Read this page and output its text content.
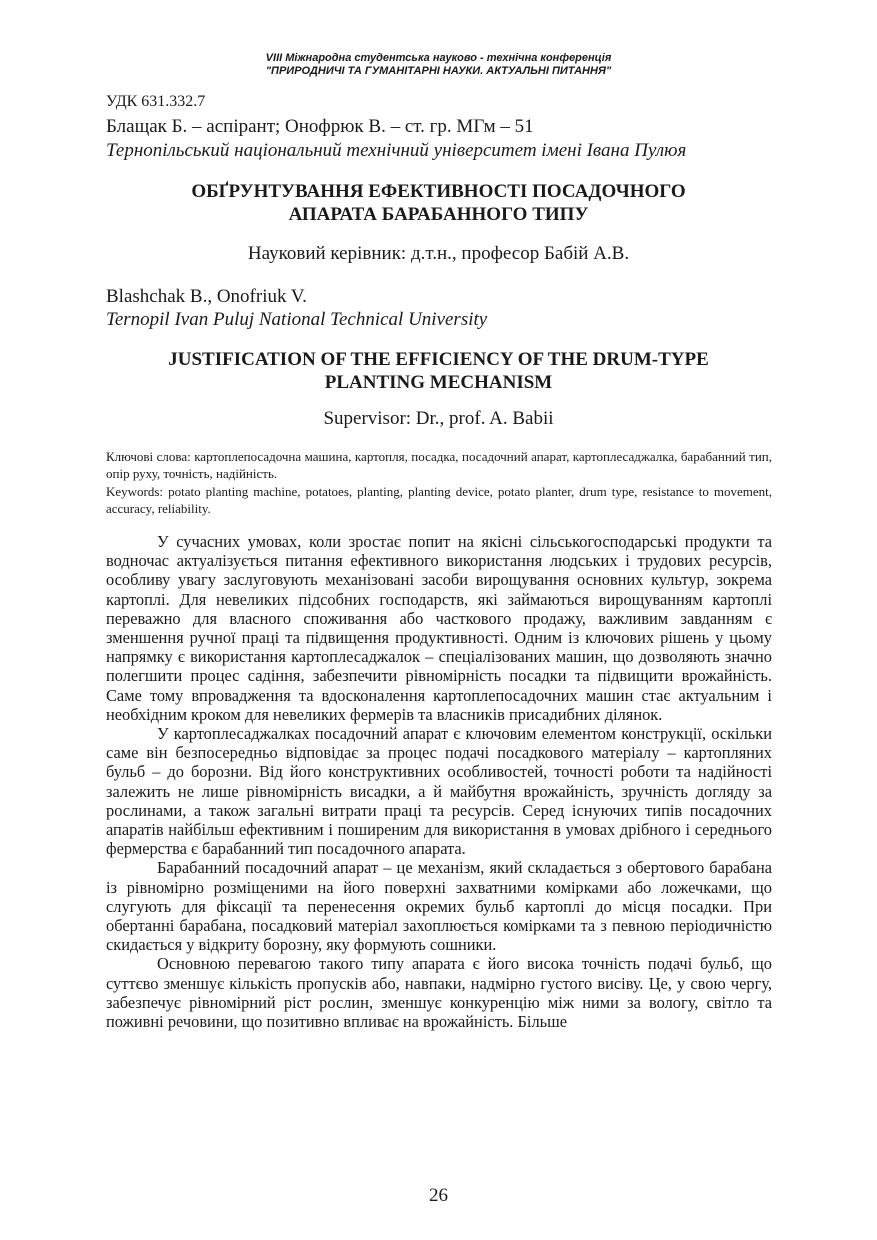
VIII Міжнародна студентська науково - технічна конференція
"ПРИРОДНИЧІ ТА ГУМАНІТАРНІ НАУКИ. АКТУАЛЬНІ ПИТАННЯ"
УДК 631.332.7
Блащак Б. – аспірант; Онофрюк В. – ст. гр. МГм – 51
Тернопільський національний технічний університет імені Івана Пулюя
ОБҐРУНТУВАННЯ ЕФЕКТИВНОСТІ ПОСАДОЧНОГО
АПАРАТА БАРАБАННОГО ТИПУ
Науковий керівник: д.т.н., професор Бабій А.В.
Blashchak B., Onofriuk V.
Ternopil Ivan Puluj National Technical University
JUSTIFICATION OF THE EFFICIENCY OF THE DRUM-TYPE
PLANTING MECHANISM
Supervisor: Dr., prof. A. Babii
Ключові слова: картоплепосадочна машина, картопля, посадка, посадочний апарат, картоплесаджалка, барабанний тип, опір руху, точність, надійність.
Keywords: potato planting machine, potatoes, planting, planting device, potato planter, drum type, resistance to movement, accuracy, reliability.

У сучасних умовах, коли зростає попит на якісні сільськогосподарські продукти та водночас актуалізується питання ефективного використання людських і трудових ресурсів, особливу увагу заслуговують механізовані засоби вирощування основних культур, зокрема картоплі. Для невеликих підсобних господарств, які займаються вирощуванням картоплі переважно для власного споживання або часткового продажу, важливим завданням є зменшення ручної праці та підвищення продуктивності. Одним із ключових рішень у цьому напрямку є використання картоплесаджалок – спеціалізованих машин, що дозволяють значно полегшити процес садіння, забезпечити рівномірність посадки та підвищити врожайність. Саме тому впровадження та вдосконалення картоплепосадочних машин стає актуальним і необхідним кроком для невеликих фермерів та власників присадибних ділянок.

У картоплесаджалках посадочний апарат є ключовим елементом конструкції, оскільки саме він безпосередньо відповідає за процес подачі посадкового матеріалу – картопляних бульб – до борозни. Від його конструктивних особливостей, точності роботи та надійності залежить не лише рівномірність висадки, а й майбутня врожайність, зручність догляду за рослинами, а також загальні витрати праці та ресурсів. Серед існуючих типів посадочних апаратів найбільш ефективним і поширеним для використання в умовах дрібного і середнього фермерства є барабанний тип посадочного апарата.

Барабанний посадочний апарат – це механізм, який складається з обертового барабана із рівномірно розміщеними на його поверхні захватними комірками або ложечками, що слугують для фіксації та перенесення окремих бульб картоплі до місця посадки. При обертанні барабана, посадковий матеріал захоплюється комірками та з певною періодичністю скидається у відкриту борозну, яку формують сошники.

Основною перевагою такого типу апарата є його висока точність подачі бульб, що суттєво зменшує кількість пропусків або, навпаки, надмірно густого висіву. Це, у свою чергу, забезпечує рівномірний ріст рослин, зменшує конкуренцію між ними за вологу, світло та поживні речовини, що позитивно впливає на врожайність. Більше

26
